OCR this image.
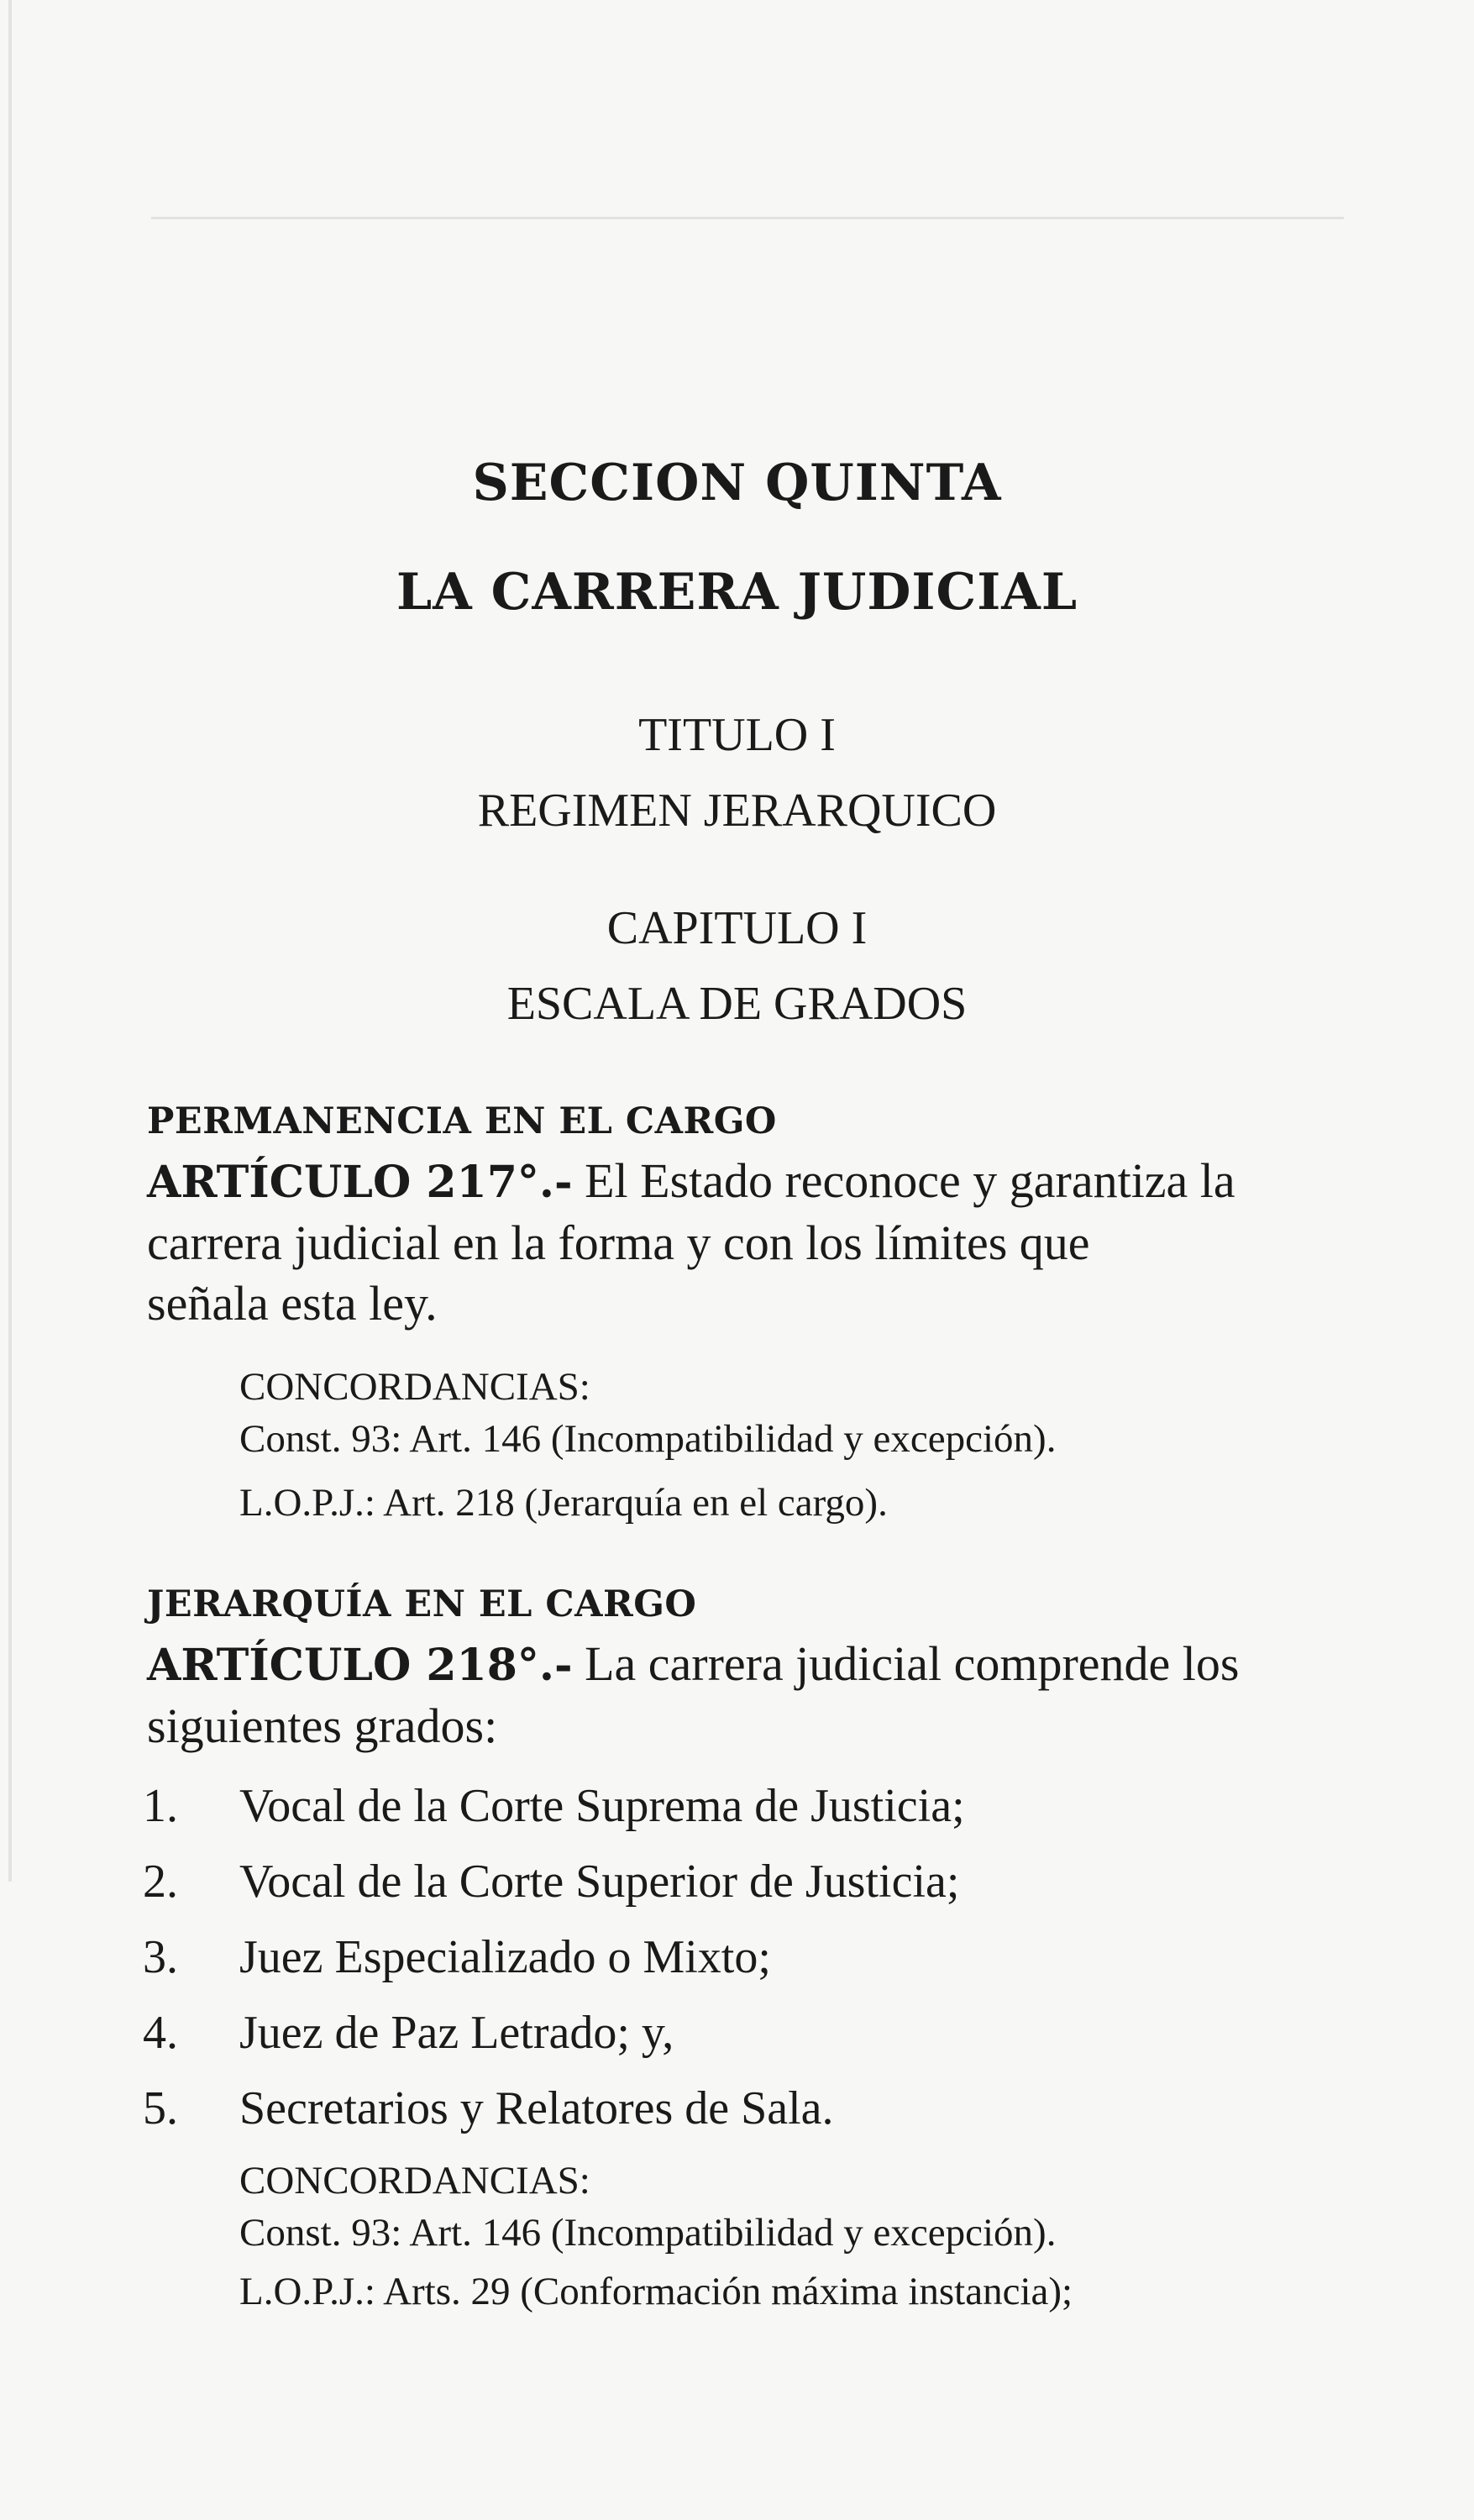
SECCION QUINTA
LA CARRERA JUDICIAL
TITULO I
REGIMEN JERARQUICO
CAPITULO I
ESCALA DE GRADOS
PERMANENCIA EN EL CARGO
ARTÍCULO 217°.- El Estado reconoce y garantiza la
carrera judicial en la forma y con los límites que
señala esta ley.
CONCORDANCIAS:
Const. 93: Art. 146 (Incompatibilidad y excepción).
L.O.P.J.: Art. 218 (Jerarquía en el cargo).
JERARQUÍA EN EL CARGO
ARTÍCULO 218°.- La carrera judicial comprende los
siguientes grados:
1.	Vocal de la Corte Suprema de Justicia;
2.	Vocal de la Corte Superior de Justicia;
3.	Juez Especializado o Mixto;
4.	Juez de Paz Letrado; y,
5.	Secretarios y Relatores de Sala.
CONCORDANCIAS:
Const. 93: Art. 146 (Incompatibilidad y excepción).
L.O.P.J.: Arts. 29 (Conformación máxima instancia);
